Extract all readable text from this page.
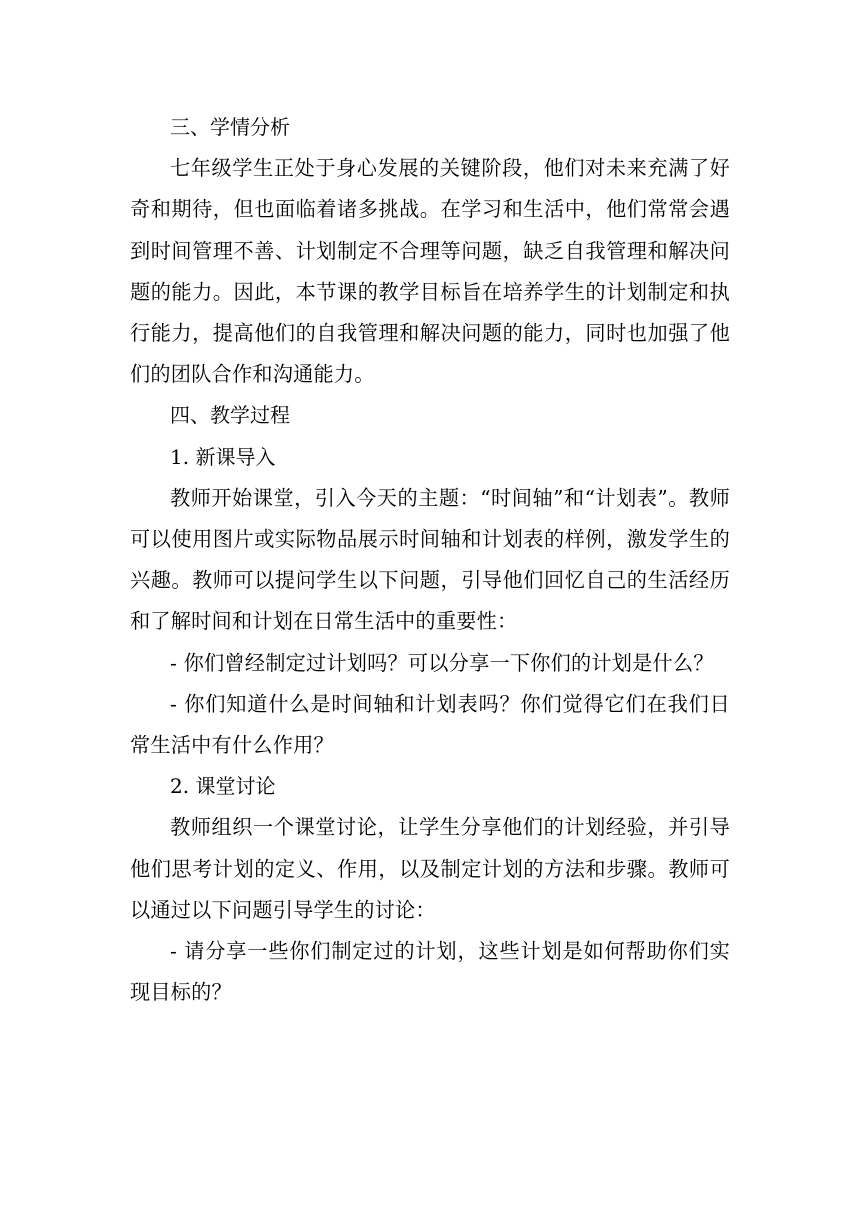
三、学情分析

七年级学生正处于身心发展的关键阶段，他们对未来充满了好奇和期待，但也面临着诸多挑战。在学习和生活中，他们常常会遇到时间管理不善、计划制定不合理等问题，缺乏自我管理和解决问题的能力。因此，本节课的教学目标旨在培养学生的计划制定和执行能力，提高他们的自我管理和解决问题的能力，同时也加强了他们的团队合作和沟通能力。

四、教学过程

1. 新课导入

教师开始课堂，引入今天的主题：“时间轴”和“计划表”。教师可以使用图片或实际物品展示时间轴和计划表的样例，激发学生的兴趣。教师可以提问学生以下问题，引导他们回忆自己的生活经历和了解时间和计划在日常生活中的重要性：

- 你们曾经制定过计划吗？可以分享一下你们的计划是什么？

- 你们知道什么是时间轴和计划表吗？你们觉得它们在我们日常生活中有什么作用？

2. 课堂讨论

教师组织一个课堂讨论，让学生分享他们的计划经验，并引导他们思考计划的定义、作用，以及制定计划的方法和步骤。教师可以通过以下问题引导学生的讨论：

- 请分享一些你们制定过的计划，这些计划是如何帮助你们实现目标的？
